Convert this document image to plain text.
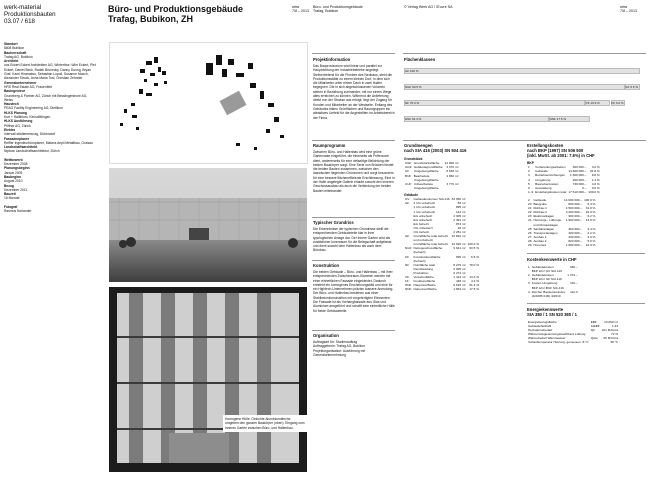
werk-material
Produktionsbauten
03.07 / 618
Standort
8608 Bubikon
Bauherrschaft
Trafag AG, Bubikon
Architekt
oos Eckert Eckert Architekten AG, Winterthur; Wim Eckert, Piet Eckert, Daniel Beck, Radek Brunecky, Danny Duong, Bryan Graf, Kaori Hiramatsu, Sebastian Lupoli, Susanne Mosch, Alexander Struck, Anna Maria Tosi, Christian Zehnder
Generalunternehmer
HRS Real Estate AG, Frauenfeld
Bauingenieur
Gruneberg & Partner AG, Zürich mit Besslingenieure AG, Weiss
Haustech
PEAG Facility Engineering AG, Dietlikon
HLKS Planung
Kurt + Haltiblum, Kleindöttingen
HLKS Ausführung
Pfiffner AG, Zürich
Elektro
Intervall städtemetal ag, Dübendorf
Fassadenplaner
Reffler Ingenieurbüroplaner, Malans Aepli Metallbau, Gossau
Landschaftsarchitekt
Nipkow Landschaftsarchitektur, Zürich
Wettbewerb
Dezember 2008
Planungsbeginn
Januar 2009
Baubeginn
August 2010
Bezug
Dezember 2011
Bauzeit
16 Monate
Fotograf
Rasmus Norlander
Büro- und Produktionsgebäude
Trafag, Bubikon, ZH
wbw
7/8 – 2013
Homogene Hülle: Gelochte Aluminiumbleche umgeben den ganzen Baukörper (oben). Eingang zum inneren Garten zwischen Büro- und Hallenbau.
Projektinformation
Das Bauprovisorium wird linear und parallel zur Hauptrichtung der Industriebetriebe angelegt. Stellvertretend für die Pioniere des Neubaus, steht die Produktionsstätte zu einem kleinen Dorf, in dem sich die Mitarbeiter unter einem Dach in zwei Hallen begegnen. Die in sich abgeschlossenen Volumen stehen in Beziehung zueinander; mit nur einem Wege alles erreichen zu können. Während die Anlieferung direkt von der Strasse aus erfolgt, liegt der Zugang für Kunden und Mitarbeiter an der Westseite. Entlang des Gebäudes bilden Grünflächen und Baumgruppen ein attraktives Umfeld für die Angestellten im Arbeitsbereich der Firma.
Raumprogramm
Zwischen Büro- und Hallenbau wird eine grüne Gartenoase eingeführt, die einerseits als Pufferzone dient, andererseits für eine vielseitige Belichtung der beiden Baukörper sorgt. Eine Serie von Brücken bindet die beiden Bauten zusammen, zwischen den dazwischen liegenden Grünzonen und sorgt besonders für eine bessere flächeneffiziente Erschliessung. Eine in der Halle angelegte Galerie erlaubt sowohl den inneren Geschossausbau als auch die Verbindung der beiden Bauten miteinander.
Typischer Grundriss
Die Erkenntnisse der typischen Grundrisse stellt die entsprechenden Gebäudeteile klar in ihrer typologischen Anlage dar. Der innere Garten wird als zusätzlicher Innenraum für die Belegschaft aufgefasst und dient sowohl dem Hallenbau als auch dem Bürobau.
Konstruktion
Die beiden Gebäude – Büro- und Hallenbau – mit ihrer entsprechenden Zwischenraum-Klammer werden mit einer einheitlichen Fassade eingekleidet. Dadurch entsteht ein homogenes Erscheinungsbild und eine für ein Hightech-Unternehmen präzise äussere Anmutung. Der Büro- und Hallenbau bestehen aus einer Stahlbetonkonstruktion mit vorgefertigten Elementen. Die Fassade ist als Vorhangfassade aus Glas und Aluminium ausgeführt und schafft eine einheitliche Hülle für beide Gebäudeteile.
Organisation
Auftragsart für: Studienauftrag
Auftraggeberin: Trafag AG, Bubikon
Projektorganisation: Ausführung mit Generalunternehmung
Büro- und Produktionsgebäude
Trafag, Bubikon
© Verlag Werk AG / Œuvre SA	wbw
7/8 – 2013
Flächenklassen
GF 100 %
NGF 93.5 %	KF 6.5 %
NF 76.6 %	VF 10.9 %	FF 6.0 %
HNF 61.3 %	NNF 17.5 %
Grundmengen
nach SIA 416 (2003) SN 504 416
Grundstück
GSF	Grundstücksfläche	12 000 m²	
GGF	Gebäudegrundfläche	3 370 m²	
UF	Umgebungsfläche	8 630 m²	
BUF	Bearbeitete	4 860 m²	
	Umgebungsfläche		
UUF	Unbearbeitete	3 770 m²	
	Umgebungsfläche		
Gebäude
GV	Gebäudevolumen SIA 416	63 050 m³	
GF	2 UG unbeheizt	56 m²	
	1 UG unbeheizt	895 m²	
	1 UG unbeheizt	142 m²	
	EG unbeheizt	2 305 m²	
	EG unbeheizt	2 391 m²	
	EG beheizt	874 m²	
	OG unbeheizt	26 m²	
	OG beheizt	2 261 m²	
GF	Grundfläche total beheizt	10 822 m²	
	und unbeheizt		
	Grundfläche total beheizt	10 626 m²	100.0 %
NGF	Nettogeschossfläche	9 941 m²	93.5 %
	(beheizt)		
KF	Konstruktionsfläche	695 m²	6.5 %
	(beheizt)		
NF	Nutzfläche total	8 279 m²	78.0 %
	Dienstleistung	2 005 m²	
	Produktion	6 274 m²	
VF	Verkehrsfläche	1 414 m²	13.3 %
FF	Funktionsfläche	448 m²	4.2 %
HNF	Hauptnutzfläche	6 615 m²	61.3 %
NNF	Nebennutzfläche	1 664 m²	17.5 %
Erstellungskosten
nach BKP (1997) SN 506 500
(inkl. MwSt. ab 2001: 7.6%) in CHF
BKP
1	Vorbereitungsarbeiten	360 000.–	3.0 %
2	Gebäude	14 600 000.–	81.8 %
3	Betriebseinrichtungen	1 600 000.–	8.8 %
4	Umgebung	260 000.–	1.4 %
5	Baunebenkosten	730 000.–	4.0 %
9	Ausstattung	0.–	0.0 %
1–9	Erstellungskosten total	17 610 000.–	100.0 %
2	Gebäude	14 600 000.–	100.0 %
20	Baugrube	800 000.–	5.4 %
21	Rohbau 1	4 500 000.–	31.0 %
22	Rohbau 2	3 200 000.–	22.0 %
23	Elektroanlagen	900 000.–	6.2 %
24	Heizungs-, Lüftungs-	1 900 000.–	13.0 %
	und Klimaanlagen		
25	Sanitäranlagen	360 000.–	2.4 %
26	Transportanlagen	320 000.–	2.2 %
27	Ausbau 1	430 000.–	3.0 %
28	Ausbau 2	820 000.–	5.6 %
29	Honorare	1 600 000.–	10.9 %
Kostenkennwerte in CHF
1	Gebäudekosten	330.–
	BKP 2/m³ GV SIA 416	
2	Gebäudekosten	1 374.–
	BKP 2/m² GF SIA 416	
3	Kosten Umgebung	119.–
	BKP 4/m² BUF SIA 416	
4	Zürcher Baukostenindex	112.3
	(4/2005=100) 4/2010	
Energiekennwerte
SIA 380 / 1 SN 520 380 / 1
Energiebezugsfläche	EBF	10 050 m²
Gebäudehüllzahl	A/EBF	1.43
Heizwärmebedarf	Qh	101 MJ/m²a
Wärmerückgewinnungskoeffizient Lüftung		72 %
Wärmebedarf Warmwasser	Qww	25 MJ/m²a
Vorlauftemperatur Heizung, gemessen -8 °C		38 °C
